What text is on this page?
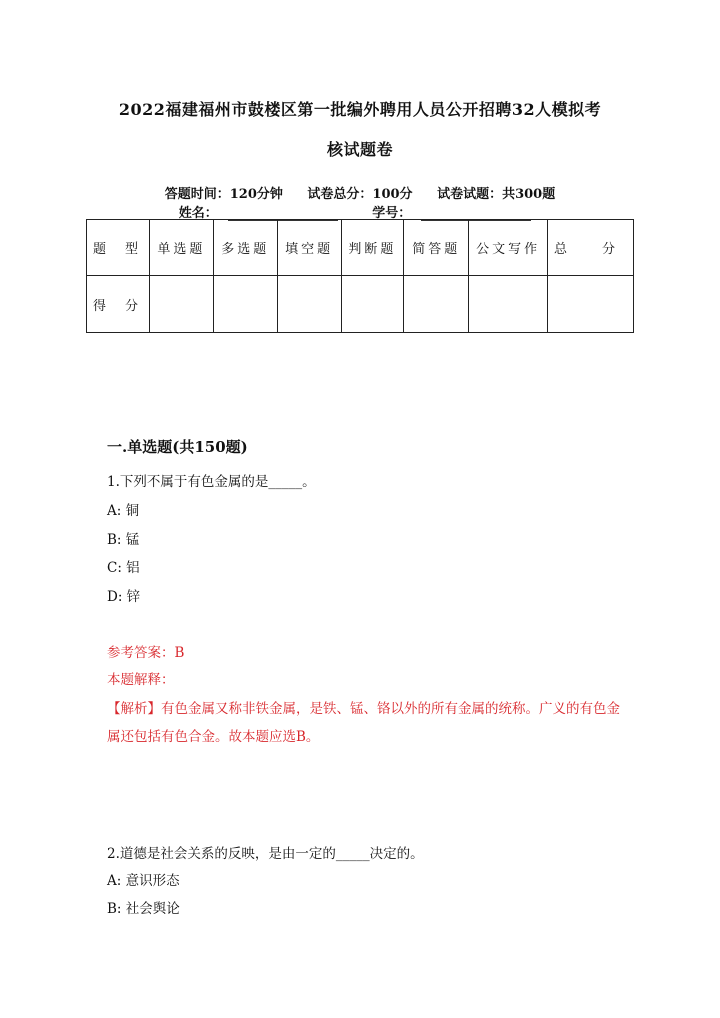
2022福建福州市鼓楼区第一批编外聘用人员公开招聘32人模拟考
核试题卷
答题时间：120分钟 试卷总分：100分 试卷试题：共300题
姓名：	学号：
题　型	单选题	多选题	填空题	判断题	简答题	公文写作	总　　分
得　分							
一.单选题(共150题)
1.下列不属于有色金属的是_____。
A: 铜
B: 锰
C: 铝
D: 锌
参考答案：B
本题解释：
【解析】有色金属又称非铁金属，是铁、锰、铬以外的所有金属的统称。广义的有色金属还包括有色合金。故本题应选B。
2.道德是社会关系的反映，是由一定的_____决定的。
A: 意识形态
B: 社会舆论
